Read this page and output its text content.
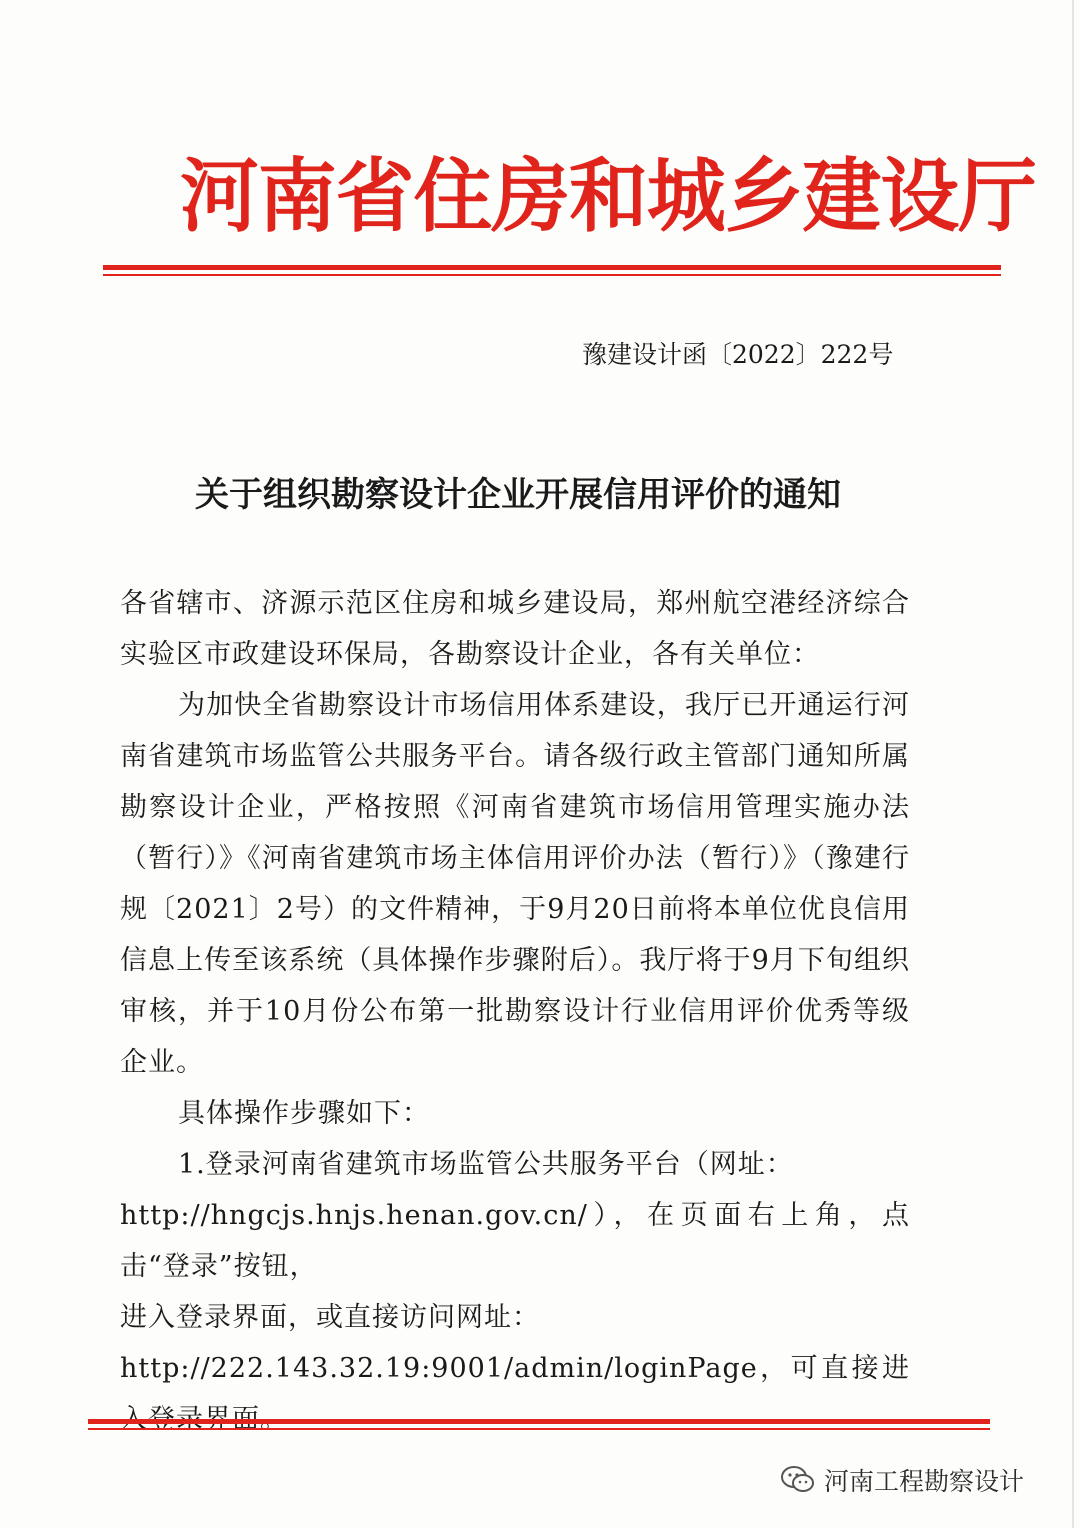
河南省住房和城乡建设厅
豫建设计函〔2022〕222号
关于组织勘察设计企业开展信用评价的通知

各省辖市、济源示范区住房和城乡建设局，郑州航空港经济综合实验区市政建设环保局，各勘察设计企业，各有关单位：

为加快全省勘察设计市场信用体系建设，我厅已开通运行河南省建筑市场监管公共服务平台。请各级行政主管部门通知所属勘察设计企业，严格按照《河南省建筑市场信用管理实施办法（暂行）》《河南省建筑市场主体信用评价办法（暂行）》（豫建行规〔2021〕2号）的文件精神，于9月20日前将本单位优良信用信息上传至该系统（具体操作步骤附后）。我厅将于9月下旬组织审核，并于10月份公布第一批勘察设计行业信用评价优秀等级企业。

具体操作步骤如下：

1.登录河南省建筑市场监管公共服务平台（网址：

http://hngcjs.hnjs.henan.gov.cn/），在页面右上角，点击“登录”按钮，

进入登录界面，或直接访问网址：

http://222.143.32.19:9001/admin/loginPage，可直接进

河南工程勘察设计
